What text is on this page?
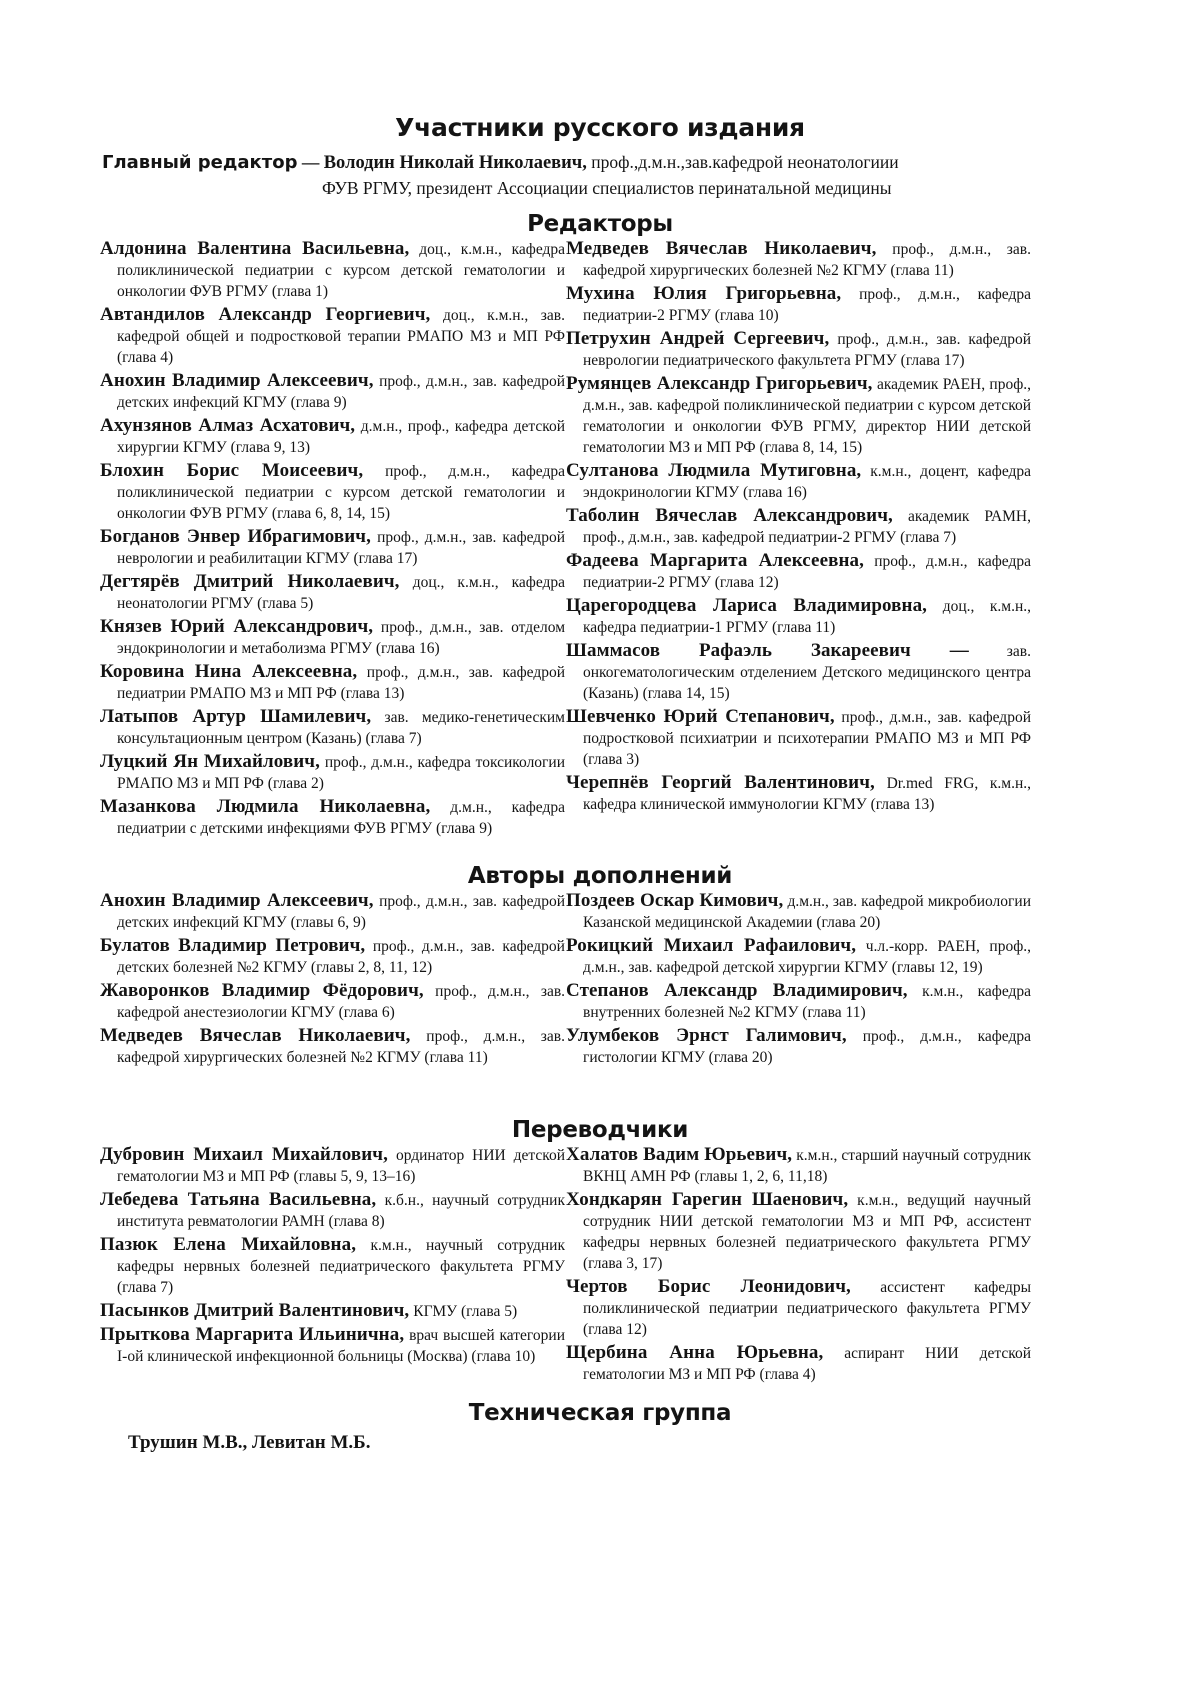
Участники русского издания
Главный редактор — Володин Николай Николаевич, проф.,д.м.н.,зав.кафедрой неонатологиии
ФУВ РГМУ, президент Ассоциации специалистов перинатальной медицины
Редакторы
Алдонина Валентина Васильевна, доц., к.м.н., кафедра поликлинической педиатрии с курсом детской гематологии и онкологии ФУВ РГМУ (глава 1)
Автандилов Александр Георгиевич, доц., к.м.н., зав. кафедрой общей и подростковой терапии РМАПО МЗ и МП РФ (глава 4)
Анохин Владимир Алексеевич, проф., д.м.н., зав. кафедрой детских инфекций КГМУ (глава 9)
Ахунзянов Алмаз Асхатович, д.м.н., проф., кафедра детской хирургии КГМУ (глава 9, 13)
Блохин Борис Моисеевич, проф., д.м.н., кафедра поликлинической педиатрии с курсом детской гематологии и онкологии ФУВ РГМУ (глава 6, 8, 14, 15)
Богданов Энвер Ибрагимович, проф., д.м.н., зав. кафедрой неврологии и реабилитации КГМУ (глава 17)
Дегтярёв Дмитрий Николаевич, доц., к.м.н., кафедра неонатологии РГМУ (глава 5)
Князев Юрий Александрович, проф., д.м.н., зав. отделом эндокринологии и метаболизма РГМУ (глава 16)
Коровина Нина Алексеевна, проф., д.м.н., зав. кафедрой педиатрии РМАПО МЗ и МП РФ (глава 13)
Латыпов Артур Шамилевич, зав. медико-генетическим консультационным центром (Казань) (глава 7)
Луцкий Ян Михайлович, проф., д.м.н., кафедра токсикологии РМАПО МЗ и МП РФ (глава 2)
Мазанкова Людмила Николаевна, д.м.н., кафедра педиатрии с детскими инфекциями ФУВ РГМУ (глава 9)
Медведев Вячеслав Николаевич, проф., д.м.н., зав. кафедрой хирургических болезней №2 КГМУ (глава 11)
Мухина Юлия Григорьевна, проф., д.м.н., кафедра педиатрии-2 РГМУ (глава 10)
Петрухин Андрей Сергеевич, проф., д.м.н., зав. кафедрой неврологии педиатрического факультета РГМУ (глава 17)
Румянцев Александр Григорьевич, академик РАЕН, проф., д.м.н., зав. кафедрой поликлинической педиатрии с курсом детской гематологии и онкологии ФУВ РГМУ, директор НИИ детской гематологии МЗ и МП РФ (глава 8, 14, 15)
Султанова Людмила Мутиговна, к.м.н., доцент, кафедра эндокринологии КГМУ (глава 16)
Таболин Вячеслав Александрович, академик РАМН, проф., д.м.н., зав. кафедрой педиатрии-2 РГМУ (глава 7)
Фадеева Маргарита Алексеевна, проф., д.м.н., кафедра педиатрии-2 РГМУ (глава 12)
Царегородцева Лариса Владимировна, доц., к.м.н., кафедра педиатрии-1 РГМУ (глава 11)
Шаммасов Рафаэль Закареевич — зав. онкогематологическим отделением Детского медицинского центра (Казань) (глава 14, 15)
Шевченко Юрий Степанович, проф., д.м.н., зав. кафедрой подростковой психиатрии и психотерапии РМАПО МЗ и МП РФ (глава 3)
Черепнёв Георгий Валентинович, Dr.med FRG, к.м.н., кафедра клинической иммунологии КГМУ (глава 13)
Авторы дополнений
Анохин Владимир Алексеевич, проф., д.м.н., зав. кафедрой детских инфекций КГМУ (главы 6, 9)
Булатов Владимир Петрович, проф., д.м.н., зав. кафедрой детских болезней №2 КГМУ (главы 2, 8, 11, 12)
Жаворонков Владимир Фёдорович, проф., д.м.н., зав. кафедрой анестезиологии КГМУ (глава 6)
Медведев Вячеслав Николаевич, проф., д.м.н., зав. кафедрой хирургических болезней №2 КГМУ (глава 11)
Поздеев Оскар Кимович, д.м.н., зав. кафедрой микробиологии Казанской медицинской Академии (глава 20)
Рокицкий Михаил Рафаилович, ч.л.-корр. РАЕН, проф., д.м.н., зав. кафедрой детской хирургии КГМУ (главы 12, 19)
Степанов Александр Владимирович, к.м.н., кафедра внутренних болезней №2 КГМУ (глава 11)
Улумбеков Эрнст Галимович, проф., д.м.н., кафедра гистологии КГМУ (глава 20)
Переводчики
Дубровин Михаил Михайлович, ординатор НИИ детской гематологии МЗ и МП РФ (главы 5, 9, 13–16)
Лебедева Татьяна Васильевна, к.б.н., научный сотрудник института ревматологии РАМН (глава 8)
Пазюк Елена Михайловна, к.м.н., научный сотрудник кафедры нервных болезней педиатрического факультета РГМУ (глава 7)
Пасынков Дмитрий Валентинович, КГМУ (глава 5)
Прыткова Маргарита Ильинична, врач высшей категории I-ой клинической инфекционной больницы (Москва) (глава 10)
Халатов Вадим Юрьевич, к.м.н., старший научный сотрудник ВКНЦ АМН РФ (главы 1, 2, 6, 11,18)
Хондкарян Гарегин Шаенович, к.м.н., ведущий научный сотрудник НИИ детской гематологии МЗ и МП РФ, ассистент кафедры нервных болезней педиатрического факультета РГМУ (глава 3, 17)
Чертов Борис Леонидович, ассистент кафедры поликлинической педиатрии педиатрического факультета РГМУ (глава 12)
Щербина Анна Юрьевна, аспирант НИИ детской гематологии МЗ и МП РФ (глава 4)
Техническая группа
Трушин М.В., Левитан М.Б.
